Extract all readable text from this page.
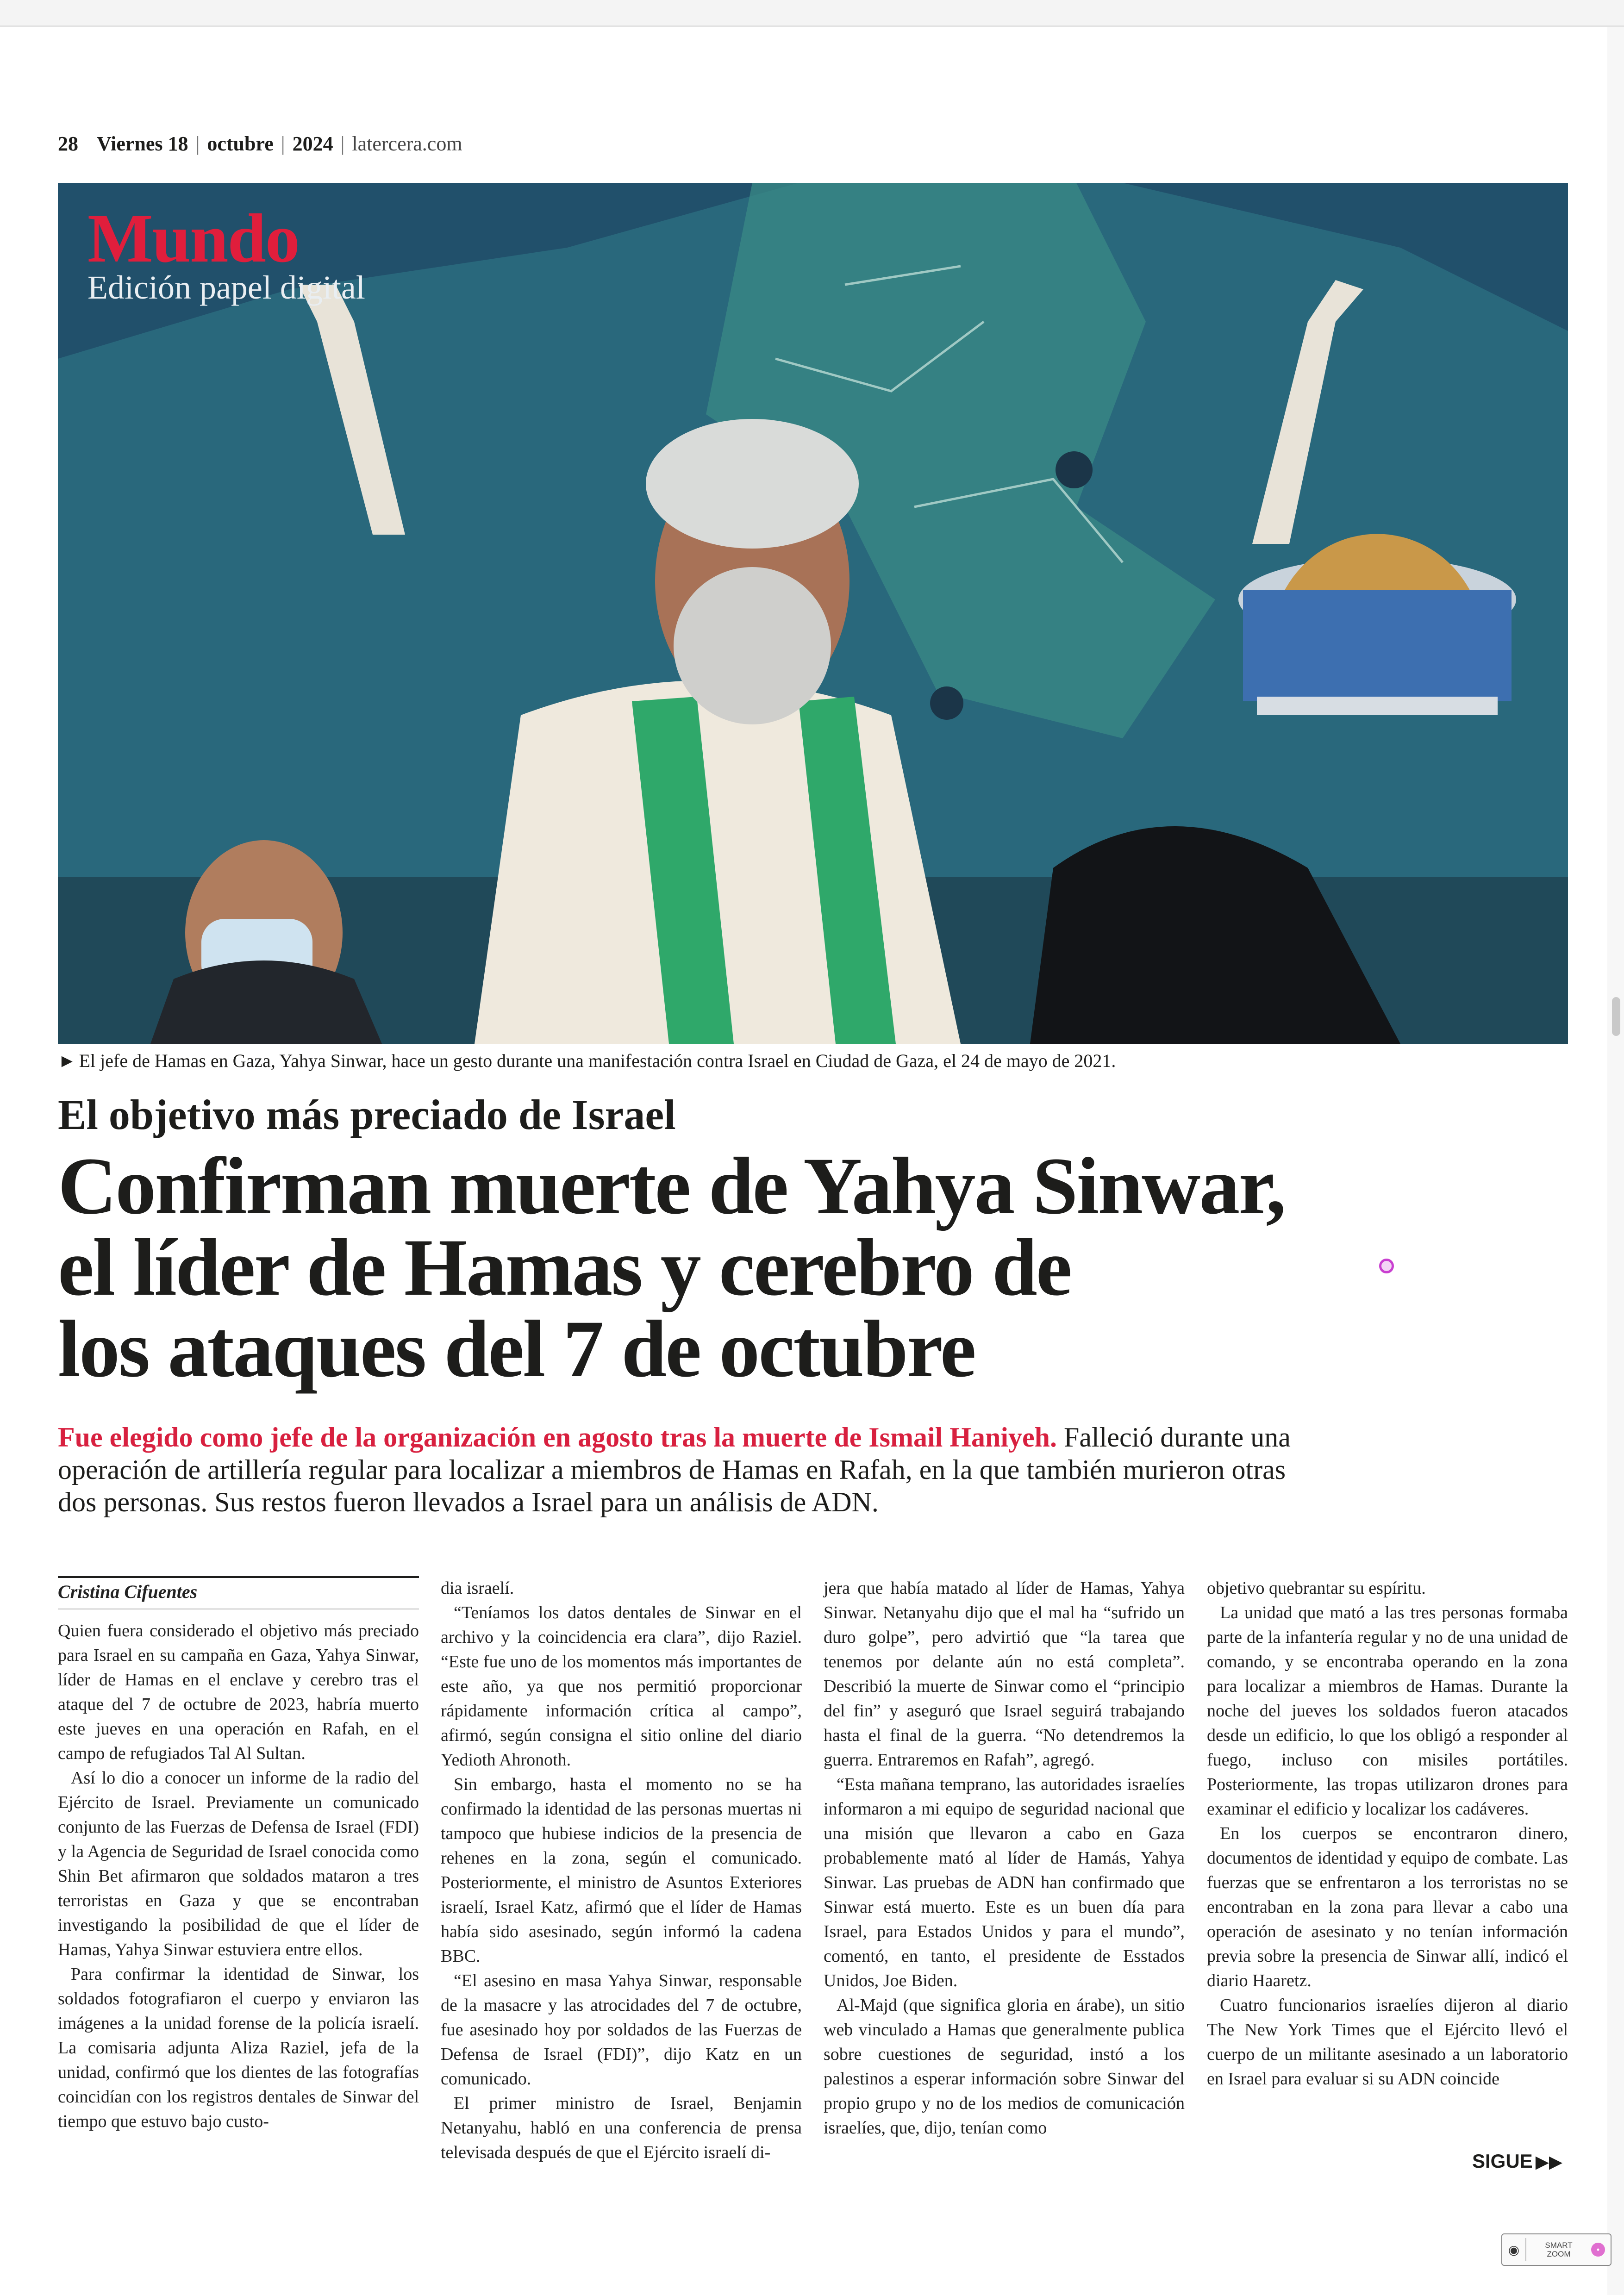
28 Viernes 18 | octubre | 2024 | latercera.com
Mundo
Edición papel digital
► El jefe de Hamas en Gaza, Yahya Sinwar, hace un gesto durante una manifestación contra Israel en Ciudad de Gaza, el 24 de mayo de 2021.
El objetivo más preciado de Israel
Confirman muerte de Yahya Sinwar,
el líder de Hamas y cerebro de
los ataques del 7 de octubre
Fue elegido como jefe de la organización en agosto tras la muerte de Ismail Haniyeh. Falleció durante una operación de artillería regular para localizar a miembros de Hamas en Rafah, en la que también murieron otras dos personas. Sus restos fueron llevados a Israel para un análisis de ADN.
Cristina Cifuentes

Quien fuera considerado el objetivo más preciado para Israel en su campaña en Gaza, Yahya Sinwar, líder de Hamas en el enclave y cerebro tras el ataque del 7 de octubre de 2023, habría muerto este jueves en una operación en Rafah, en el campo de refugiados Tal Al Sultan.

Así lo dio a conocer un informe de la radio del Ejército de Israel. Previamente un comunicado conjunto de las Fuerzas de Defensa de Israel (FDI) y la Agencia de Seguridad de Israel conocida como Shin Bet afirmaron que soldados mataron a tres terroristas en Gaza y que se encontraban investigando la posibilidad de que el líder de Hamas, Yahya Sinwar estuviera entre ellos.

Para confirmar la identidad de Sinwar, los soldados fotografiaron el cuerpo y enviaron las imágenes a la unidad forense de la policía israelí. La comisaria adjunta Aliza Raziel, jefa de la unidad, confirmó que los dientes de las fotografías coincidían con los registros dentales de Sinwar del tiempo que estuvo bajo custo-

dia israelí.

“Teníamos los datos dentales de Sinwar en el archivo y la coincidencia era clara”, dijo Raziel. “Este fue uno de los momentos más importantes de este año, ya que nos permitió proporcionar rápidamente información crítica al campo”, afirmó, según consigna el sitio online del diario Yedioth Ahronoth.

Sin embargo, hasta el momento no se ha confirmado la identidad de las personas muertas ni tampoco que hubiese indicios de la presencia de rehenes en la zona, según el comunicado. Posteriormente, el ministro de Asuntos Exteriores israelí, Israel Katz, afirmó que el líder de Hamas había sido asesinado, según informó la cadena BBC.

“El asesino en masa Yahya Sinwar, responsable de la masacre y las atrocidades del 7 de octubre, fue asesinado hoy por soldados de las Fuerzas de Defensa de Israel (FDI)”, dijo Katz en un comunicado.

El primer ministro de Israel, Benjamin Netanyahu, habló en una conferencia de prensa televisada después de que el Ejército israelí di-

jera que había matado al líder de Hamas, Yahya Sinwar. Netanyahu dijo que el mal ha “sufrido un duro golpe”, pero advirtió que “la tarea que tenemos por delante aún no está completa”. Describió la muerte de Sinwar como el “principio del fin” y aseguró que Israel seguirá trabajando hasta el final de la guerra. “No detendremos la guerra. Entraremos en Rafah”, agregó.

“Esta mañana temprano, las autoridades israelíes informaron a mi equipo de seguridad nacional que una misión que llevaron a cabo en Gaza probablemente mató al líder de Hamás, Yahya Sinwar. Las pruebas de ADN han confirmado que Sinwar está muerto. Este es un buen día para Israel, para Estados Unidos y para el mundo”, comentó, en tanto, el presidente de Esstados Unidos, Joe Biden.

Al-Majd (que significa gloria en árabe), un sitio web vinculado a Hamas que generalmente publica sobre cuestiones de seguridad, instó a los palestinos a esperar información sobre Sinwar del propio grupo y no de los medios de comunicación israelíes, que, dijo, tenían como

objetivo quebrantar su espíritu.

La unidad que mató a las tres personas formaba parte de la infantería regular y no de una unidad de comando, y se encontraba operando en la zona para localizar a miembros de Hamas. Durante la noche del jueves los soldados fueron atacados desde un edificio, lo que los obligó a responder al fuego, incluso con misiles portátiles. Posteriormente, las tropas utilizaron drones para examinar el edificio y localizar los cadáveres.

En los cuerpos se encontraron dinero, documentos de identidad y equipo de combate. Las fuerzas que se enfrentaron a los terroristas no se encontraban en la zona para llevar a cabo una operación de asesinato y no tenían información previa sobre la presencia de Sinwar allí, indicó el diario Haaretz.

Cuatro funcionarios israelíes dijeron al diario The New York Times que el Ejército llevó el cuerpo de un militante asesinado a un laboratorio en Israel para evaluar si su ADN coincide

SIGUE ▶▶
◉	SMART
ZOOM	•
